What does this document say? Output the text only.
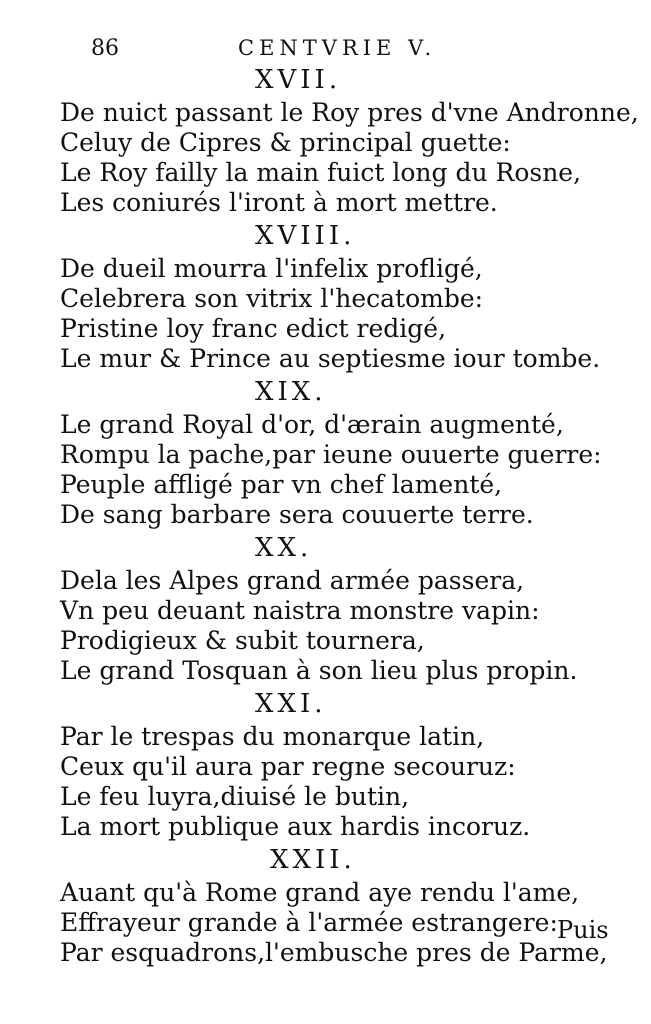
86	CENTVRIE V.
XVII.
De nuict passant le Roy pres d'vne Andronne,
Celuy de Cipres & principal guette:
Le Roy failly la main fuict long du Rosne,
Les coniurés l'iront à mort mettre.
XVIII.
De dueil mourra l'infelix profligé,
Celebrera son vitrix l'hecatombe:
Pristine loy franc edict redigé,
Le mur & Prince au septiesme iour tombe.
XIX.
Le grand Royal d'or, d'ærain augmenté,
Rompu la pache,par ieune ouuerte guerre:
Peuple affligé par vn chef lamenté,
De sang barbare sera couuerte terre.
XX.
Dela les Alpes grand armée passera,
Vn peu deuant naistra monstre vapin:
Prodigieux & subit tournera,
Le grand Tosquan à son lieu plus propin.
XXI.
Par le trespas du monarque latin,
Ceux qu'il aura par regne secouruz:
Le feu luyra,diuisé le butin,
La mort publique aux hardis incoruz.
XXII.
Auant qu'à Rome grand aye rendu l'ame,
Effrayeur grande à l'armée estrangere:
Par esquadrons,l'embusche pres de Parme,
Puis
